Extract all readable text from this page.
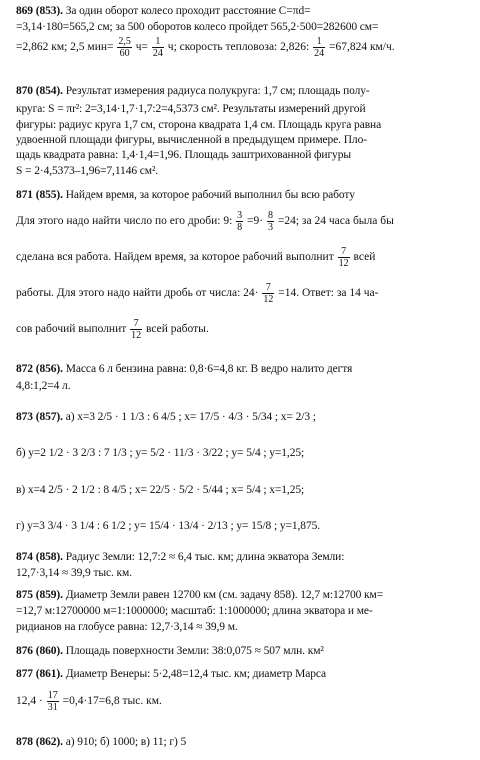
869 (853). За один оборот колесо проходит расстояние C=πd=
=3,14·180=565,2 см; за 500 оборотов колесо пройдет 565,2·500=282600 см=
=2,862 км; 2,5 $мин= \frac{2,5}{60} ч= \frac{1}{24} ч$; скорость тепловоза: 2,826: $\frac{1}{24} =67,824$ км/ч.
870 (854). Результат измерения радиуса полукруга: 1,7 см; площадь полу-
круга: S = πr²: 2=3,14·1,7·1,7:2=4,5373 см². Результаты измерений другой
фигуры: радиус круга 1,7 см, сторона квадрата 1,4 см. Площадь круга равна
удвоенной площади фигуры, вычисленной в предыдущем примере. Пло-
щадь квадрата равна: 1,4·1,4=1,96. Площадь заштрихованной фигуры
S = 2·4,5373–1,96=7,1146 см².
871 (855). Найдем время, за которое рабочий выполнил бы всю работу
Для этого надо найти число по его дроби: 9: $\frac{3}{8} =9\cdot \frac{8}{3} =24$; за 24 часа была бы
сделана вся работа. Найдем время, за которое рабочий выполнит $\frac{7}{12}$ всей
работы. Для этого надо найти дробь от числа: $24\cdot \frac{7}{12} =14$. Ответ: за 14 ча-
сов рабочий выполнит $\frac{7}{12}$ всей работы.
872 (856). Масса 6 л бензина равна: 0,8·6=4,8 кг. В ведро налито дегтя
4,8:1,2=4 л.
873 (857). а) x=3 2/5 · 1 1/3 : 6 4/5 ; x= 17/5 · 4/3 · 5/34 ; x= 2/3 ;
б) y=2 1/2 · 3 2/3 : 7 1/3 ; y= 5/2 · 11/3 · 3/22 ; y= 5/4 ; y=1,25;
в) x=4 2/5 · 2 1/2 : 8 4/5 ; x= 22/5 · 5/2 · 5/44 ; x= 5/4 ; x=1,25;
г) y=3 3/4 · 3 1/4 : 6 1/2 ; y= 15/4 · 13/4 · 2/13 ; y= 15/8 ; y=1,875.
874 (858). Радиус Земли: 12,7:2 ≈ 6,4 тыс. км; длина экватора Земли:
12,7·3,14 ≈ 39,9 тыс. км.
875 (859). Диаметр Земли равен 12700 км (см. задачу 858). 12,7 м:12700 км=
=12,7 м:12700000 м=1:1000000; масштаб: 1:1000000; длина экватора и ме-
ридианов на глобусе равна: 12,7·3,14 ≈ 39,9 м.
876 (860). Площадь поверхности Земли: 38:0,075 ≈ 507 млн. км²
877 (861). Диаметр Венеры: 5·2,48=12,4 тыс. км; диаметр Марса
$12,4 \cdot \frac{17}{31} =0,4\cdot 17=6,8$ тыс. км.
878 (862). а) 910; б) 1000; в) 11; г) 5
